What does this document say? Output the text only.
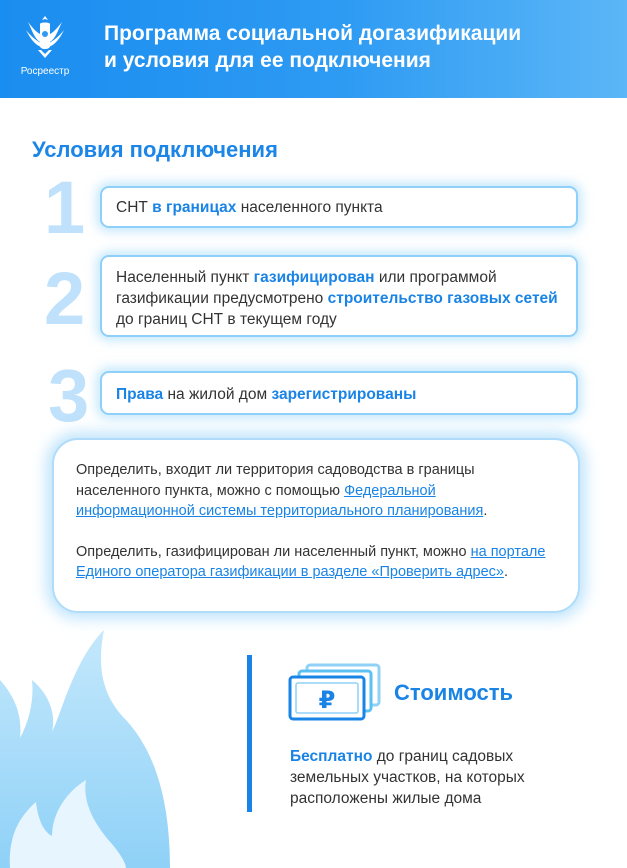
Росреестр
Программа социальной догазификации
и условия для ее подключения
Условия подключения
1	СНТ в границах населенного пункта
2	Населенный пункт газифицирован или программой газификации предусмотрено строительство газовых сетей до границ СНТ в текущем году
3	Права на жилой дом зарегистрированы

Определить, входит ли территория садоводства в границы населенного пункта, можно с помощью Федеральной информационной системы территориального планирования.

Определить, газифицирован ли населенный пункт, можно на портале Единого оператора газификации в разделе «Проверить адрес».

₽	Стоимость
Бесплатно до границ садовых земельных участков, на которых расположены жилые дома
